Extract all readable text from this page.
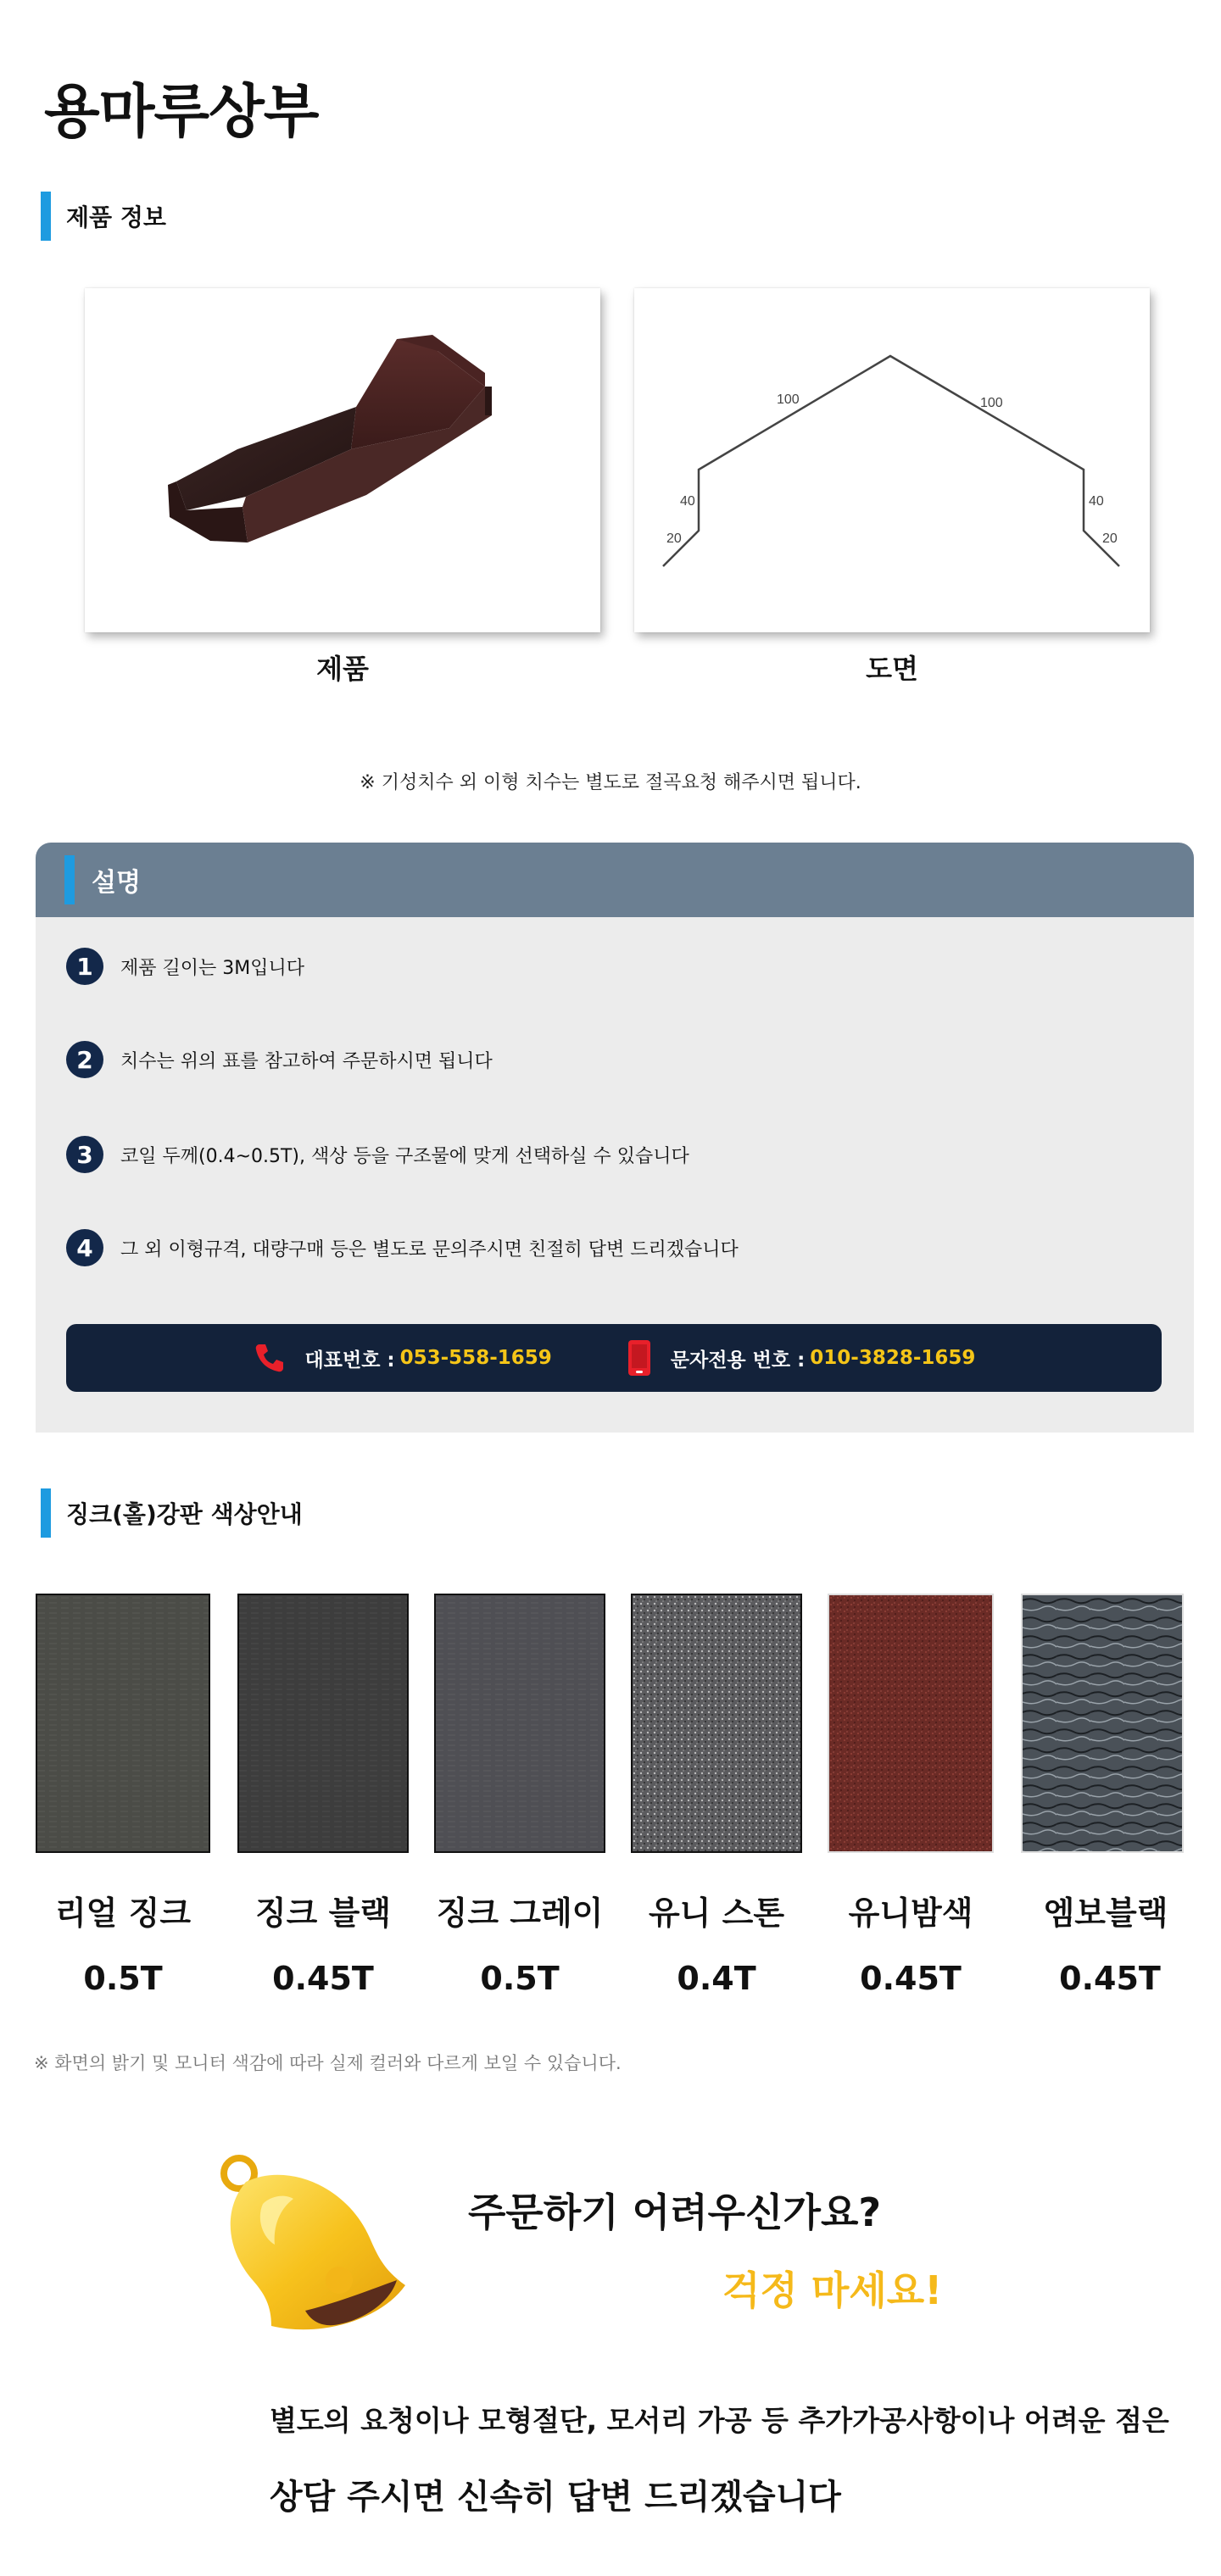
용마루상부
제품 정보
제품
100	100
40	40
20	20
도면
※ 기성치수 외 이형 치수는 별도로 절곡요청 해주시면 됩니다.
설명
1	제품 길이는 3M입니다
2	치수는 위의 표를 참고하여 주문하시면 됩니다
3	코일 두께(0.4~0.5T), 색상 등을 구조물에 맞게 선택하실 수 있습니다
4	그 외 이형규격, 대량구매 등은 별도로 문의주시면 친절히 답변 드리겠습니다
대표번호 : 053-558-1659	문자전용 번호 : 010-3828-1659
징크(홀)강판 색상안내
리얼 징크	징크 블랙	징크 그레이	유니 스톤	유니밤색	엠보블랙
0.5T	0.45T	0.5T	0.4T	0.45T	0.45T
※ 화면의 밝기 및 모니터 색감에 따라 실제 컬러와 다르게 보일 수 있습니다.
주문하기 어려우신가요?
걱정 마세요!
별도의 요청이나 모형절단, 모서리 가공 등 추가가공사항이나 어려운 점은
상담 주시면 신속히 답변 드리겠습니다
